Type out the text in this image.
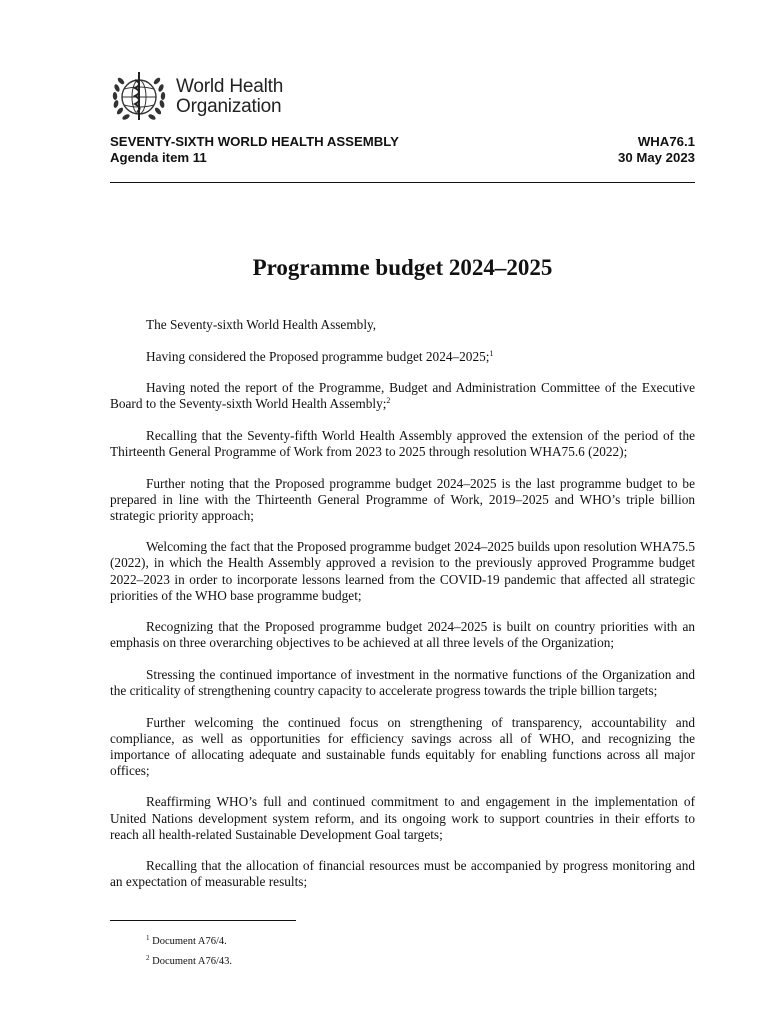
World Health
Organization
SEVENTY-SIXTH WORLD HEALTH ASSEMBLY	WHA76.1
Agenda item 11	30 May 2023
Programme budget 2024–2025

The Seventy-sixth World Health Assembly,

Having considered the Proposed programme budget 2024–2025;$^1$

Having noted the report of the Programme, Budget and Administration Committee of the Executive Board to the Seventy-sixth World Health Assembly;$^2$

Recalling that the Seventy-fifth World Health Assembly approved the extension of the period of the Thirteenth General Programme of Work from 2023 to 2025 through resolution WHA75.6 (2022);

Further noting that the Proposed programme budget 2024–2025 is the last programme budget to be prepared in line with the Thirteenth General Programme of Work, 2019–2025 and WHO’s triple billion strategic priority approach;

Welcoming the fact that the Proposed programme budget 2024–2025 builds upon resolution WHA75.5 (2022), in which the Health Assembly approved a revision to the previously approved Programme budget 2022–2023 in order to incorporate lessons learned from the COVID-19 pandemic that affected all strategic priorities of the WHO base programme budget;

Recognizing that the Proposed programme budget 2024–2025 is built on country priorities with an emphasis on three overarching objectives to be achieved at all three levels of the Organization;

Stressing the continued importance of investment in the normative functions of the Organization and the criticality of strengthening country capacity to accelerate progress towards the triple billion targets;

Further welcoming the continued focus on strengthening of transparency, accountability and compliance, as well as opportunities for efficiency savings across all of WHO, and recognizing the importance of allocating adequate and sustainable funds equitably for enabling functions across all major offices;

Reaffirming WHO’s full and continued commitment to and engagement in the implementation of United Nations development system reform, and its ongoing work to support countries in their efforts to reach all health-related Sustainable Development Goal targets;

Recalling that the allocation of financial resources must be accompanied by progress monitoring and an expectation of measurable results;

$^1$ Document A76/4.
$^2$ Document A76/43.
